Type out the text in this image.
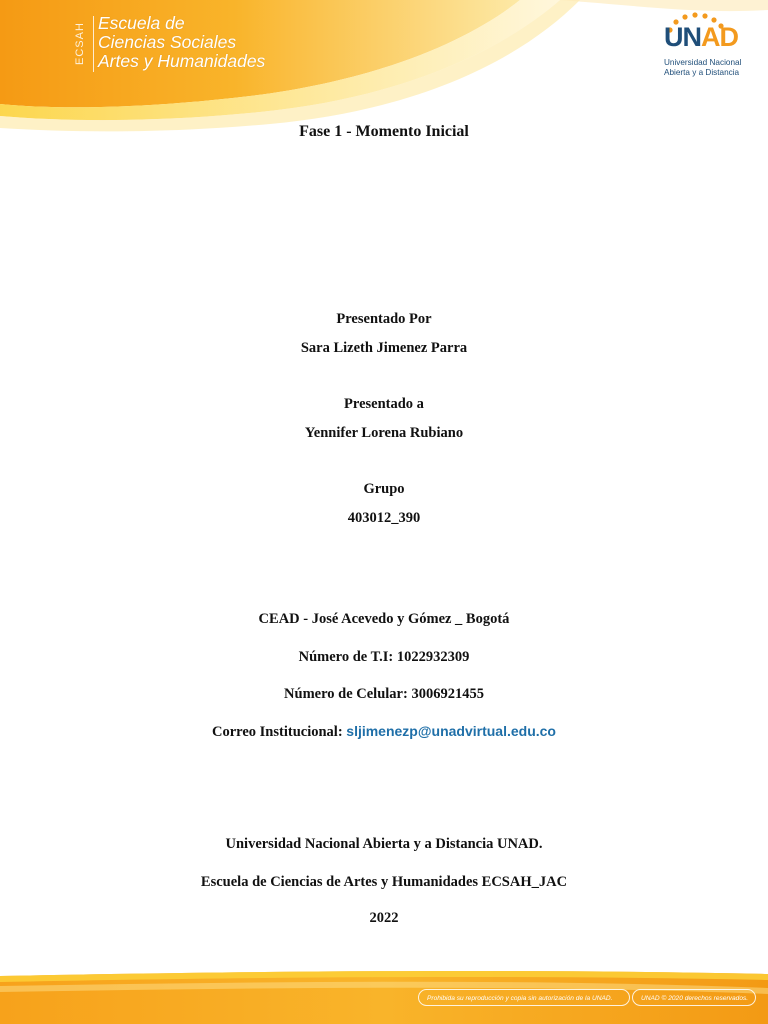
ECSAH Escuela de
Ciencias Sociales
Artes y Humanidades
UNAD
Universidad Nacional
Abierta y a Distancia
Fase 1 - Momento Inicial
Presentado Por
Sara Lizeth Jimenez Parra
Presentado a
Yennifer Lorena Rubiano
Grupo
403012_390
CEAD - José Acevedo y Gómez _ Bogotá
Número de T.I: 1022932309
Número de Celular: 3006921455
Correo Institucional: sljimenezp@unadvirtual.edu.co
Universidad Nacional Abierta y a Distancia UNAD.
Escuela de Ciencias de Artes y Humanidades ECSAH_JAC
2022
Prohibida su reproducción y copia sin autorización de la UNAD.	UNAD © 2020 derechos reservados.
